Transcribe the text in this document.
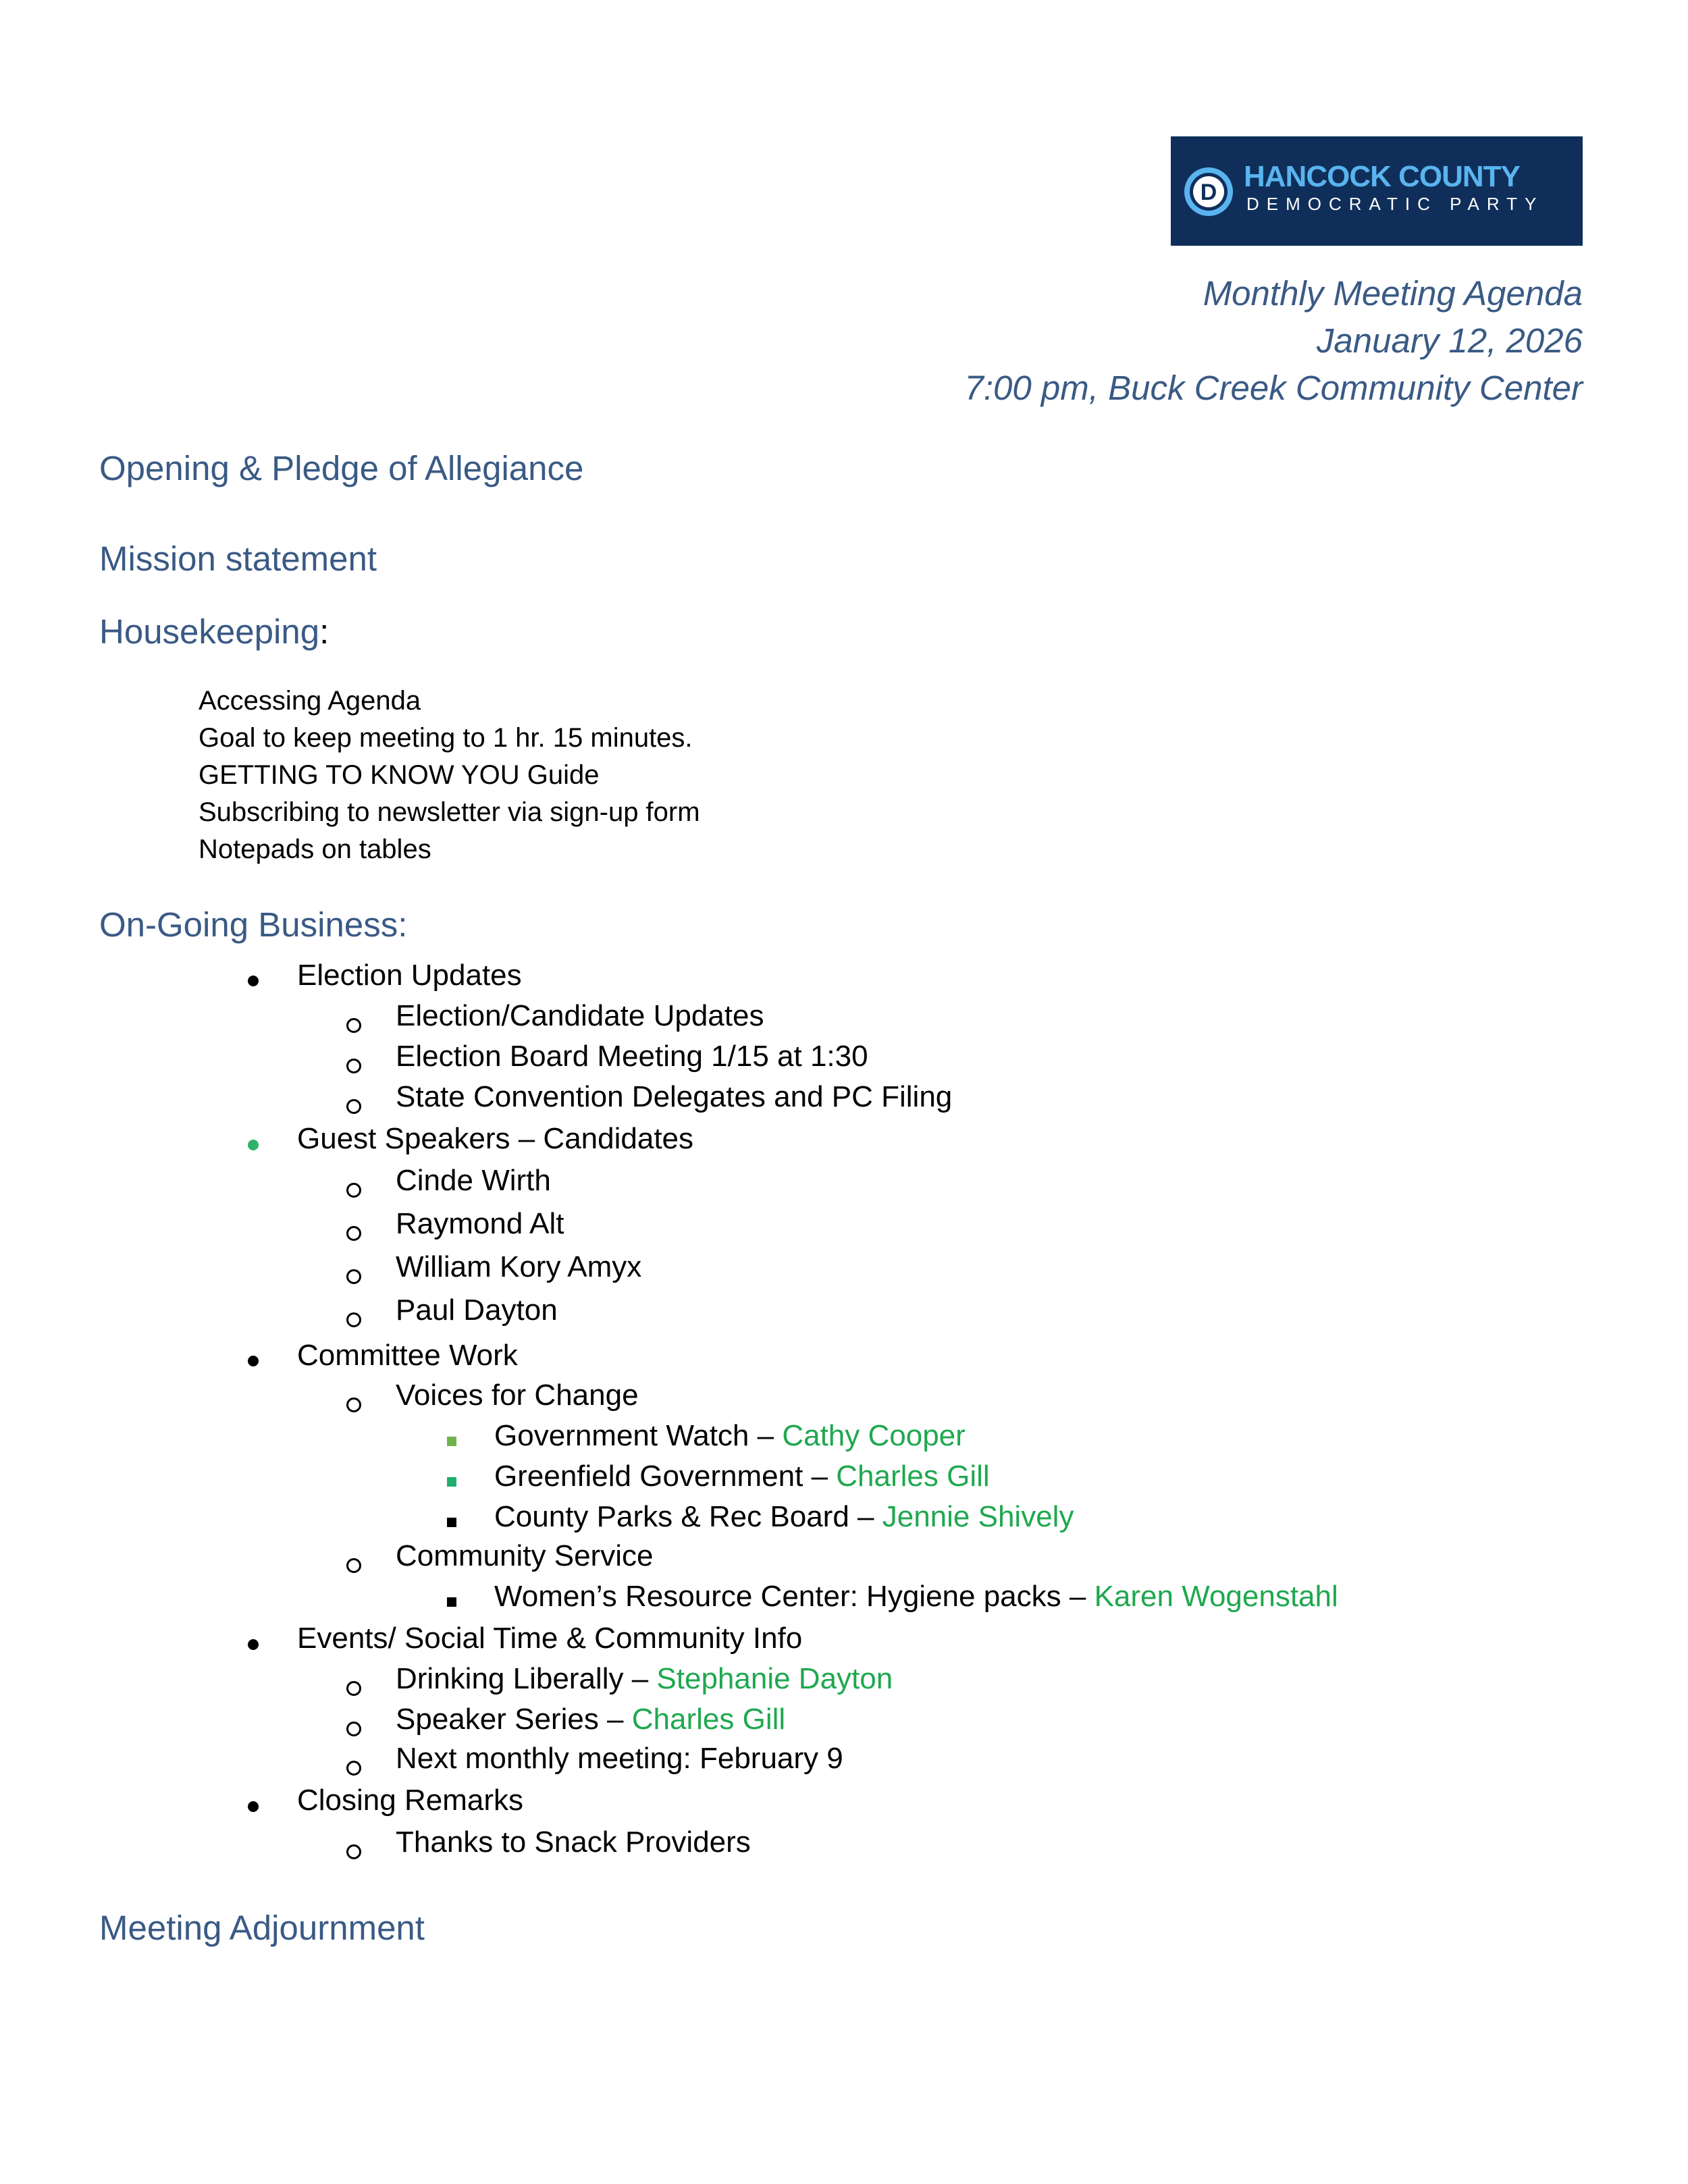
D HANCOCK COUNTY
DEMOCRATIC PARTY
Monthly Meeting Agenda
January 12, 2026
7:00 pm, Buck Creek Community Center
Opening & Pledge of Allegiance
Mission statement
Housekeeping:
Accessing Agenda
Goal to keep meeting to 1 hr. 15 minutes.
GETTING TO KNOW YOU Guide
Subscribing to newsletter via sign-up form
Notepads on tables
On-Going Business:
Election Updates
Election/Candidate Updates
Election Board Meeting 1/15 at 1:30
State Convention Delegates and PC Filing
Guest Speakers – Candidates
Cinde Wirth
Raymond Alt
William Kory Amyx
Paul Dayton
Committee Work
Voices for Change
Government Watch – Cathy Cooper
Greenfield Government – Charles Gill
County Parks & Rec Board – Jennie Shively
Community Service
Women’s Resource Center: Hygiene packs – Karen Wogenstahl
Events/ Social Time & Community Info
Drinking Liberally – Stephanie Dayton
Speaker Series – Charles Gill
Next monthly meeting: February 9
Closing Remarks
Thanks to Snack Providers
Meeting Adjournment
